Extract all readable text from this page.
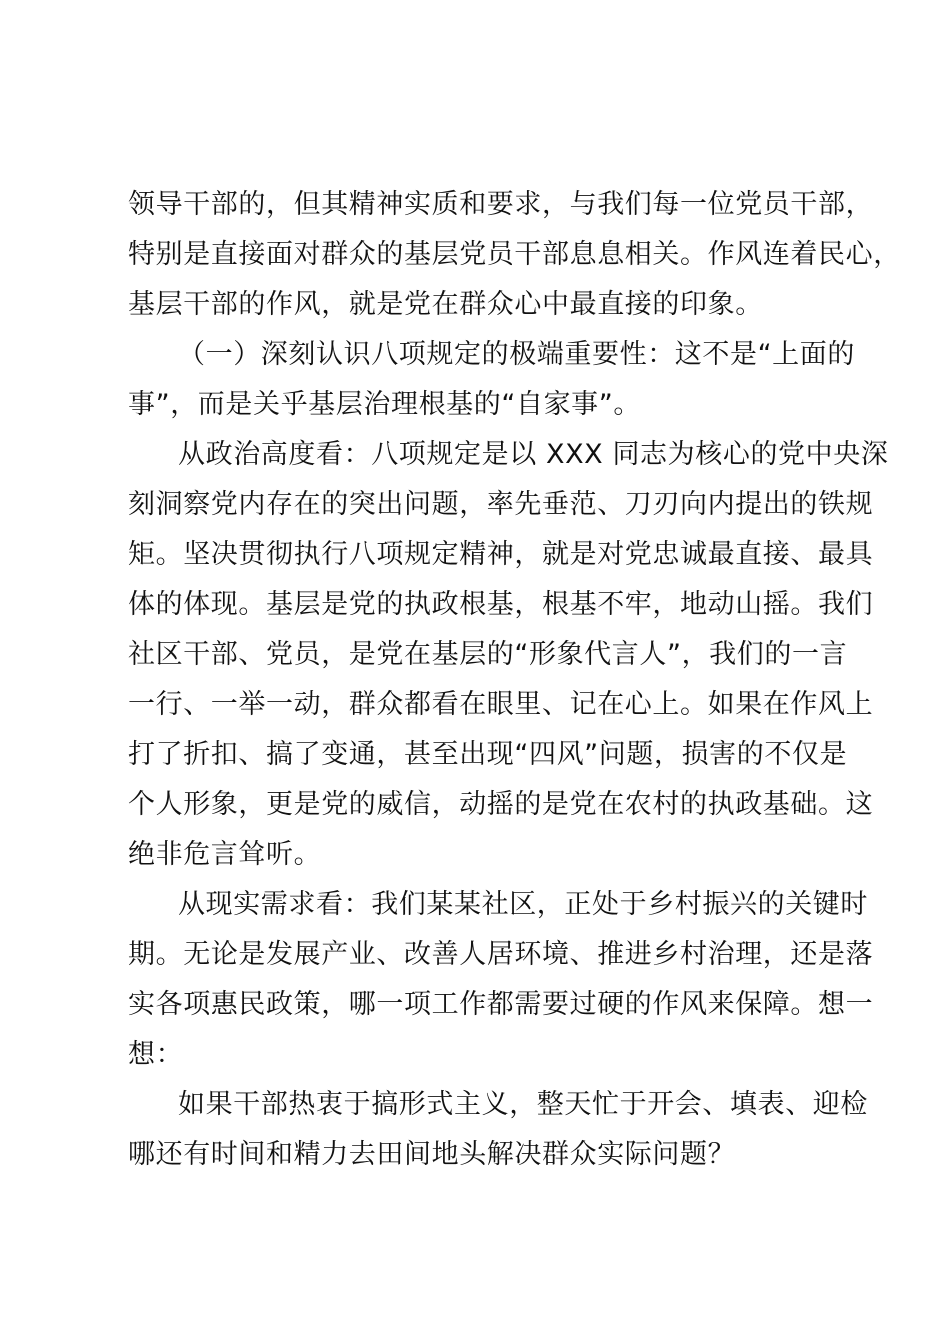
领导干部的，但其精神实质和要求，与我们每一位党员干部，
特别是直接面对群众的基层党员干部息息相关。作风连着民心，
基层干部的作风，就是党在群众心中最直接的印象。
（一）深刻认识八项规定的极端重要性：这不是“上面的
事”，而是关乎基层治理根基的“自家事”。
从政治高度看：八项规定是以 XXX 同志为核心的党中央深
刻洞察党内存在的突出问题，率先垂范、刀刃向内提出的铁规
矩。坚决贯彻执行八项规定精神，就是对党忠诚最直接、最具
体的体现。基层是党的执政根基，根基不牢，地动山摇。我们
社区干部、党员，是党在基层的“形象代言人”，我们的一言
一行、一举一动，群众都看在眼里、记在心上。如果在作风上
打了折扣、搞了变通，甚至出现“四风”问题，损害的不仅是
个人形象，更是党的威信，动摇的是党在农村的执政基础。这
绝非危言耸听。
从现实需求看：我们某某社区，正处于乡村振兴的关键时
期。无论是发展产业、改善人居环境、推进乡村治理，还是落
实各项惠民政策，哪一项工作都需要过硬的作风来保障。想一
想：
如果干部热衷于搞形式主义，整天忙于开会、填表、迎检
哪还有时间和精力去田间地头解决群众实际问题？
